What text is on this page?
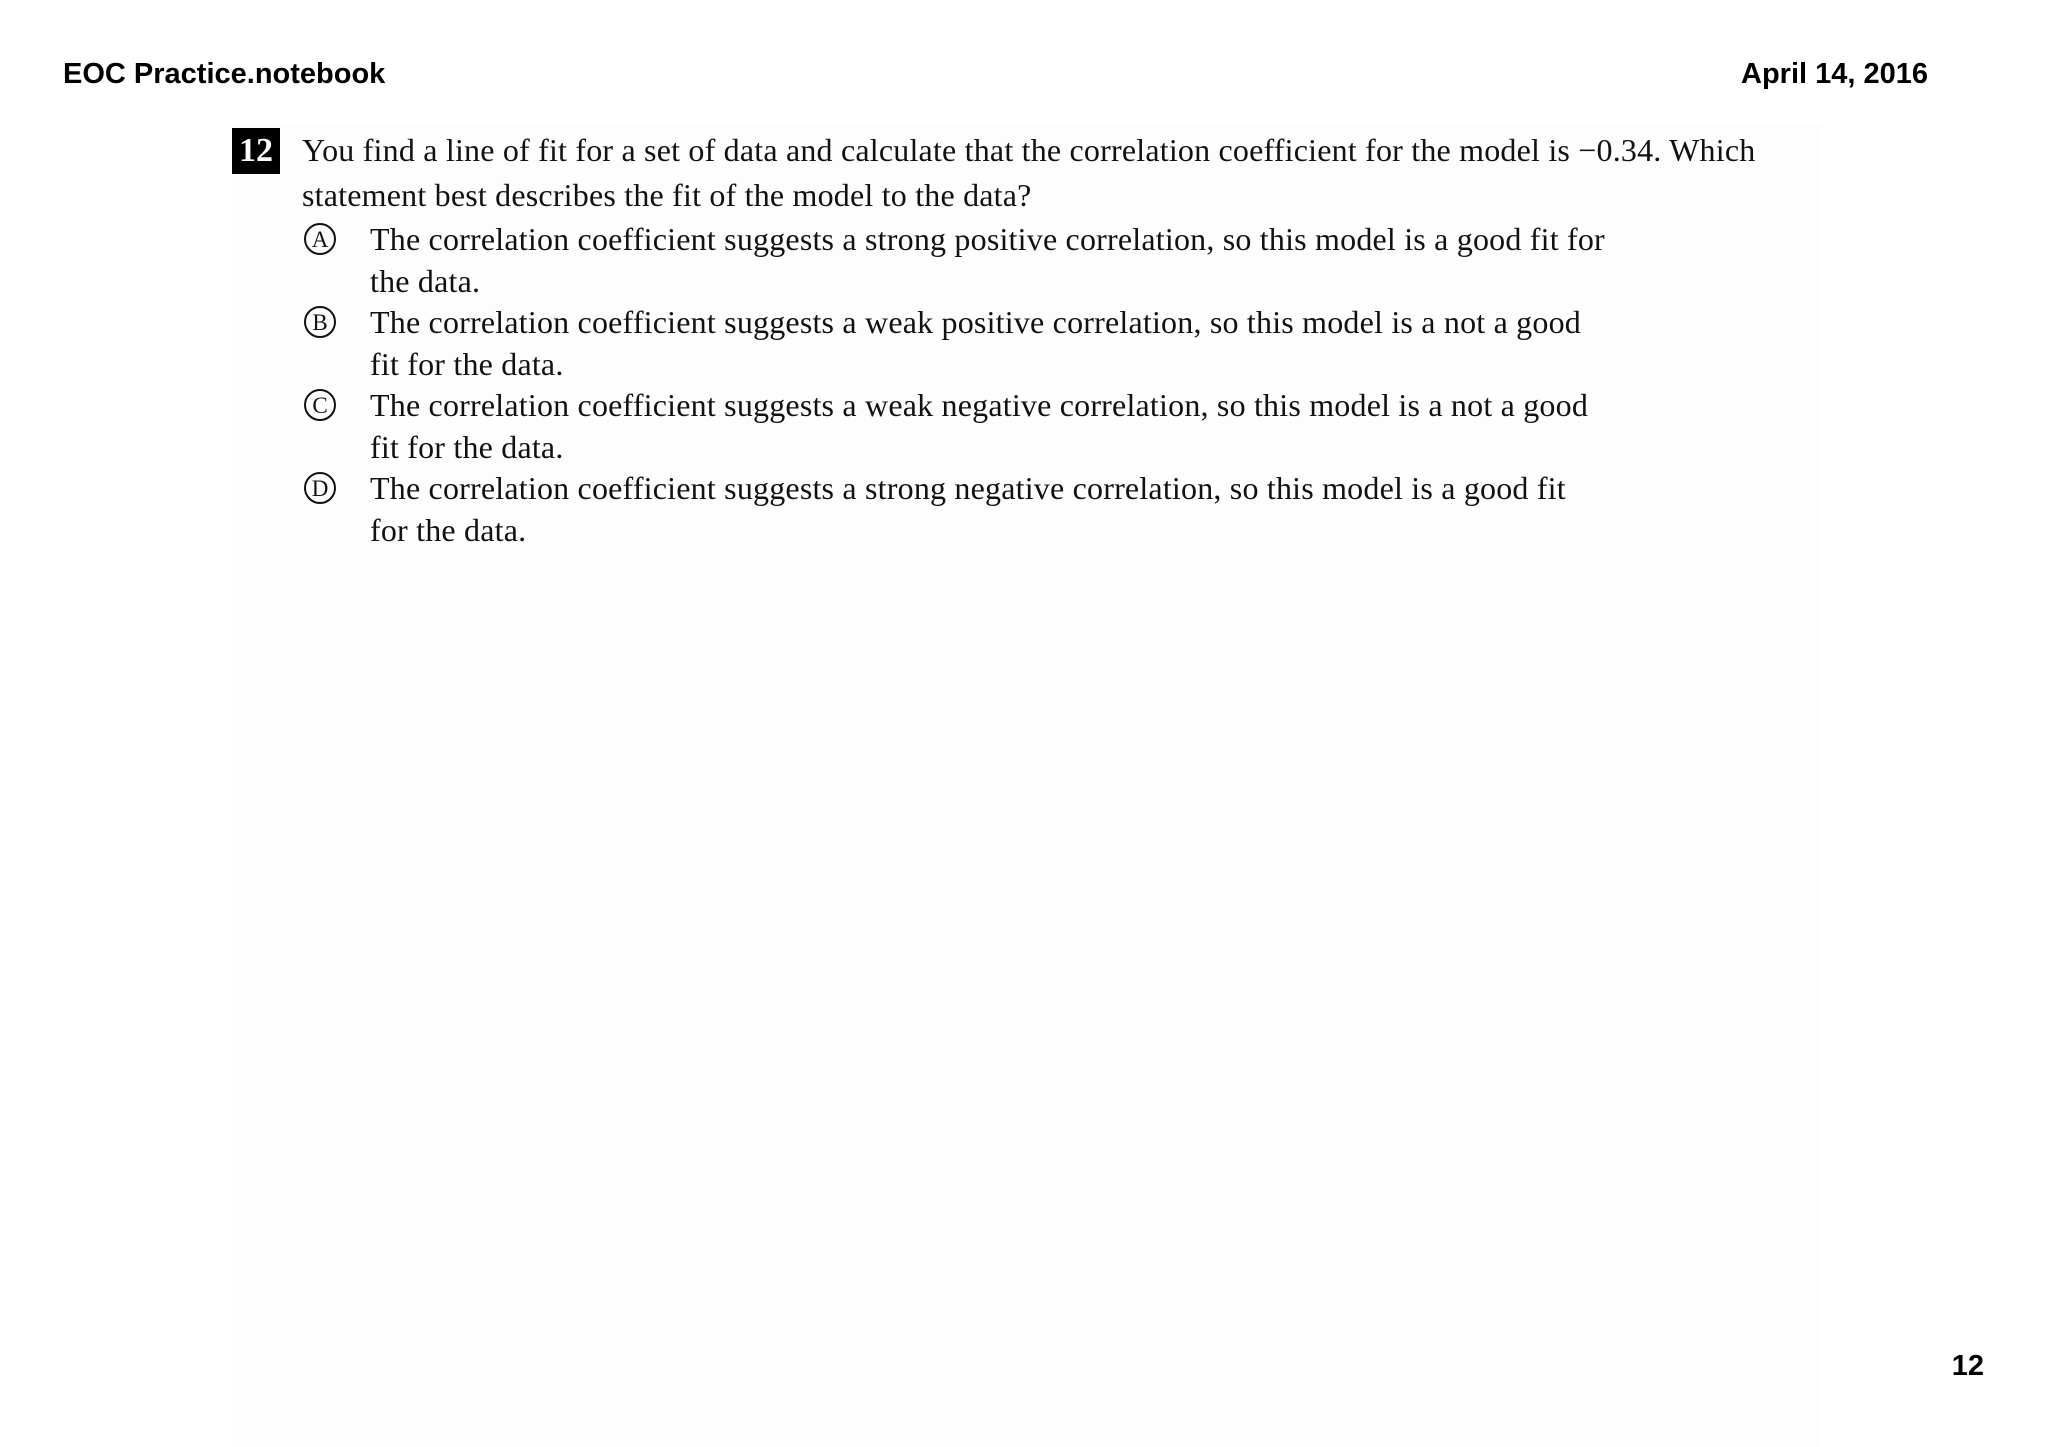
EOC Practice.notebook	April 14, 2016
12 You find a line of fit for a set of data and calculate that the correlation coefficient for the model is −0.34. Which statement best describes the fit of the model to the data?
A The correlation coefficient suggests a strong positive correlation, so this model is a good fit for the data.
B The correlation coefficient suggests a weak positive correlation, so this model is a not a good fit for the data.
C The correlation coefficient suggests a weak negative correlation, so this model is a not a good fit for the data.
D The correlation coefficient suggests a strong negative correlation, so this model is a good fit for the data.
12
